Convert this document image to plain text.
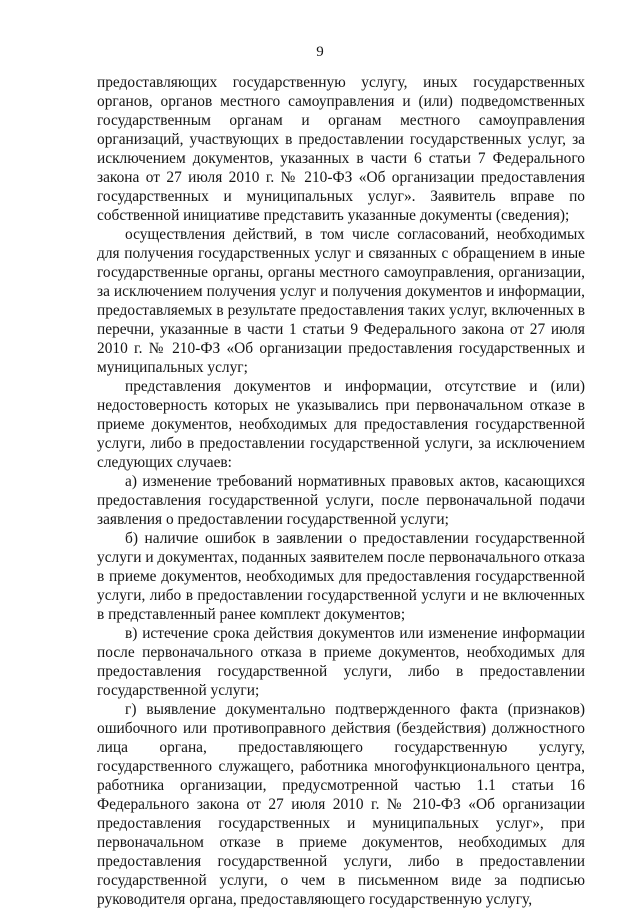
9

предоставляющих государственную услугу, иных государственных органов, органов местного самоуправления и (или) подведомственных государственным органам и органам местного самоуправления организаций, участвующих в предоставлении государственных услуг, за исключением документов, указанных в части 6 статьи 7 Федерального закона от 27 июля 2010 г. № 210-ФЗ «Об организации предоставления государственных и муниципальных услуг». Заявитель вправе по собственной инициативе представить указанные документы (сведения);

осуществления действий, в том числе согласований, необходимых для получения государственных услуг и связанных с обращением в иные государственные органы, органы местного самоуправления, организации, за исключением получения услуг и получения документов и информации, предоставляемых в результате предоставления таких услуг, включенных в перечни, указанные в части 1 статьи 9 Федерального закона от 27 июля 2010 г. № 210-ФЗ «Об организации предоставления государственных и муниципальных услуг;

представления документов и информации, отсутствие и (или) недостоверность которых не указывались при первоначальном отказе в приеме документов, необходимых для предоставления государственной услуги, либо в предоставлении государственной услуги, за исключением следующих случаев:

а) изменение требований нормативных правовых актов, касающихся предоставления государственной услуги, после первоначальной подачи заявления о предоставлении государственной услуги;

б) наличие ошибок в заявлении о предоставлении государственной услуги и документах, поданных заявителем после первоначального отказа в приеме документов, необходимых для предоставления государственной услуги, либо в предоставлении государственной услуги и не включенных в представленный ранее комплект документов;

в) истечение срока действия документов или изменение информации после первоначального отказа в приеме документов, необходимых для предоставления государственной услуги, либо в предоставлении государственной услуги;

г) выявление документально подтвержденного факта (признаков) ошибочного или противоправного действия (бездействия) должностного лица органа, предоставляющего государственную услугу, государственного служащего, работника многофункционального центра, работника организации, предусмотренной частью 1.1 статьи 16 Федерального закона от 27 июля 2010 г. № 210-ФЗ «Об организации предоставления государственных и муниципальных услуг», при первоначальном отказе в приеме документов, необходимых для предоставления государственной услуги, либо в предоставлении государственной услуги, о чем в письменном виде за подписью руководителя органа, предоставляющего государственную услугу,
